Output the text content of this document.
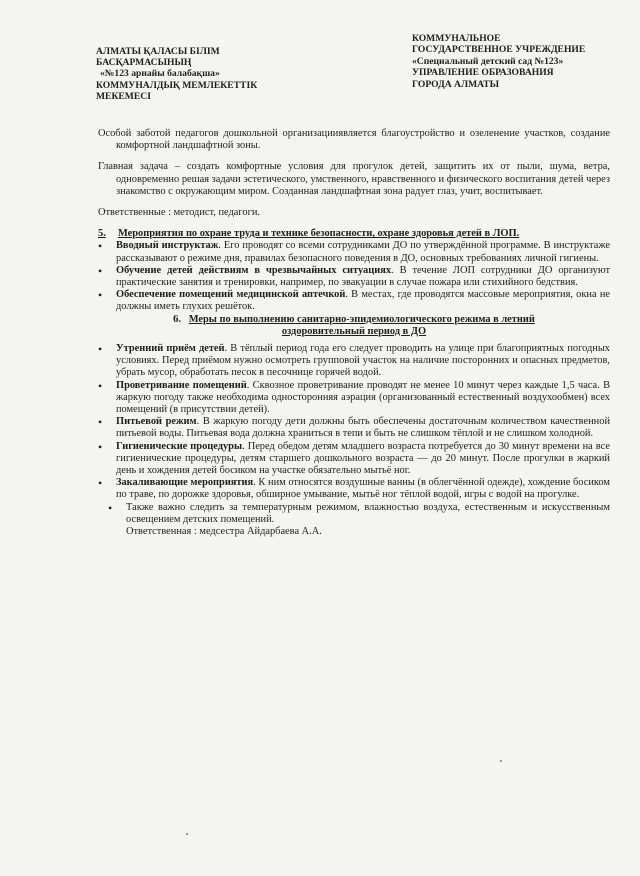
АЛМАТЫ ҚАЛАСЫ БІЛІМ
БАСҚАРМАСЫНЫҢ
«№123 арнайы балабақша»
КОММУНАЛДЫҚ МЕМЛЕКЕТТІК
МЕКЕМЕСІ
КОММУНАЛЬНОЕ
ГОСУДАРСТВЕННОЕ УЧРЕЖДЕНИЕ
«Специальный детский сад №123»
УПРАВЛЕНИЕ ОБРАЗОВАНИЯ
ГОРОДА АЛМАТЫ

Особой заботой педагогов дошкольной организацииявляется благоустройство и озеленение участков, создание комфортной ландшафтной зоны.

Главная задача – создать комфортные условия для прогулок детей, защитить их от пыли, шума, ветра, одновременно решая задачи эстетического, умственного, нравственного и физического воспитания детей через знакомство с окружающим миром. Созданная ландшафтная зона радует глаз, учит, воспитывает.

Ответственные : методист, педагоги.

5.	Мероприятия по охране труда и технике безопасности, охране здоровья детей в ЛОП.
•	Вводный инструктаж. Его проводят со всеми сотрудниками ДО по утверждённой программе. В инструктаже рассказывают о режиме дня, правилах безопасного поведения в ДО, основных требованиях личной гигиены.
•	Обучение детей действиям в чрезвычайных ситуациях. В течение ЛОП сотрудники ДО организуют практические занятия и тренировки, например, по эвакуации в случае пожара или стихийного бедствия.
•	Обеспечение помещений медицинской аптечкой. В местах, где проводятся массовые мероприятия, окна не должны иметь глухих решёток.
6. Меры по выполнению санитарно-эпидемиологического режима в летний
оздоровительный период в ДО
•	Утренний приём детей. В тёплый период года его следует проводить на улице при благоприятных погодных условиях. Перед приёмом нужно осмотреть групповой участок на наличие посторонних и опасных предметов, убрать мусор, обработать песок в песочнице горячей водой.
•	Проветривание помещений. Сквозное проветривание проводят не менее 10 минут через каждые 1,5 часа. В жаркую погоду также необходима односторонняя аэрация (организованный естественный воздухообмен) всех помещений (в присутствии детей).
•	Питьевой режим. В жаркую погоду дети должны быть обеспечены достаточным количеством качественной питьевой воды. Питьевая вода должна храниться в тепи и быть не слишком тёплой и не слишком холодной.
•	Гигиенические процедуры. Перед обедом детям младшего возраста потребуется до 30 минут времени на все гигиенические процедуры, детям старшего дошкольного возраста — до 20 минут. После прогулки в жаркий день и хождения детей босиком на участке обязательно мытьё ног.
•	Закаливающие мероприятия. К ним относятся воздушные ванны (в облегчённой одежде), хождение босиком по траве, по дорожке здоровья, обширное умывание, мытьё ног тёплой водой, игры с водой на прогулке.
•	Также важно следить за температурным режимом, влажностью воздуха, естественным и искусственным освещением детских помещений.

Ответственная : медсестра Айдарбаева А.А.
